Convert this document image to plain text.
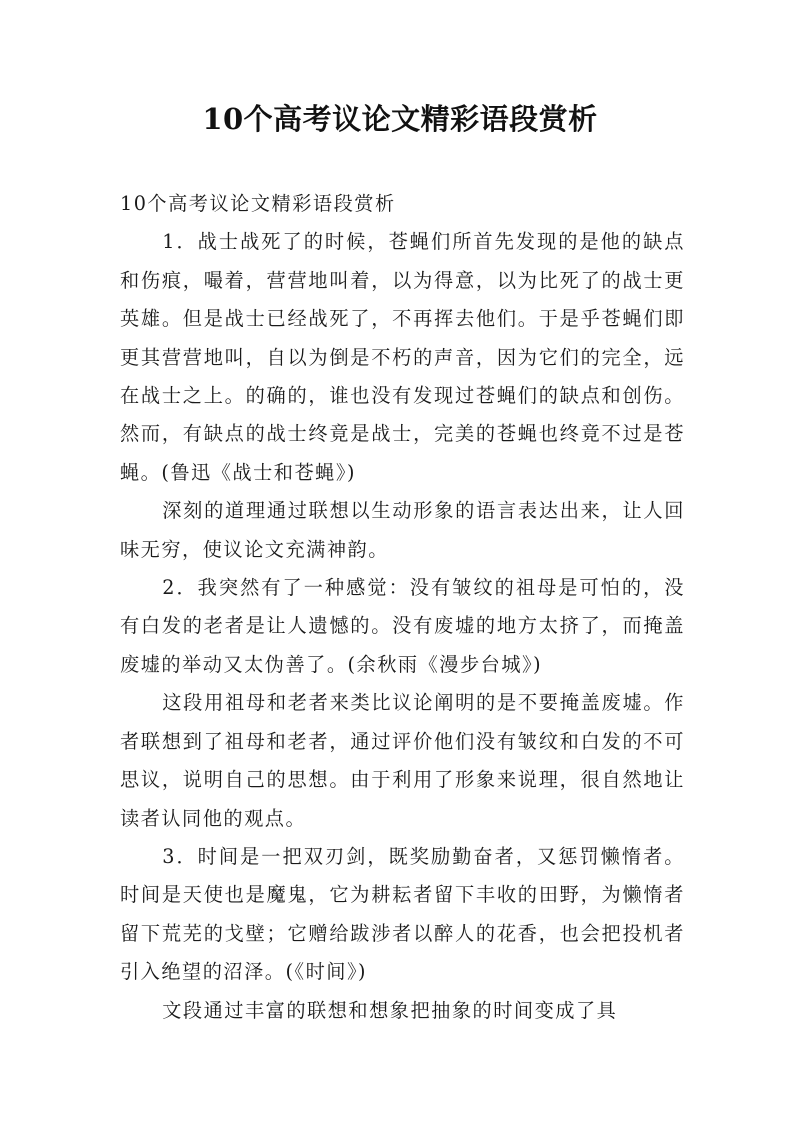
10个高考议论文精彩语段赏析

10个高考议论文精彩语段赏析

1．战士战死了的时候，苍蝇们所首先发现的是他的缺点和伤痕，嘬着，营营地叫着，以为得意，以为比死了的战士更英雄。但是战士已经战死了，不再挥去他们。于是乎苍蝇们即更其营营地叫，自以为倒是不朽的声音，因为它们的完全，远在战士之上。的确的，谁也没有发现过苍蝇们的缺点和创伤。然而，有缺点的战士终竟是战士，完美的苍蝇也终竟不过是苍蝇。(鲁迅《战士和苍蝇》)

深刻的道理通过联想以生动形象的语言表达出来，让人回味无穷，使议论文充满神韵。

2．我突然有了一种感觉：没有皱纹的祖母是可怕的，没有白发的老者是让人遗憾的。没有废墟的地方太挤了，而掩盖废墟的举动又太伪善了。(余秋雨《漫步台城》)

这段用祖母和老者来类比议论阐明的是不要掩盖废墟。作者联想到了祖母和老者，通过评价他们没有皱纹和白发的不可思议，说明自己的思想。由于利用了形象来说理，很自然地让读者认同他的观点。

3．时间是一把双刃剑，既奖励勤奋者，又惩罚懒惰者。时间是天使也是魔鬼，它为耕耘者留下丰收的田野，为懒惰者留下荒芜的戈壁；它赠给跋涉者以醉人的花香，也会把投机者引入绝望的沼泽。(《时间》)

文段通过丰富的联想和想象把抽象的时间变成了具
